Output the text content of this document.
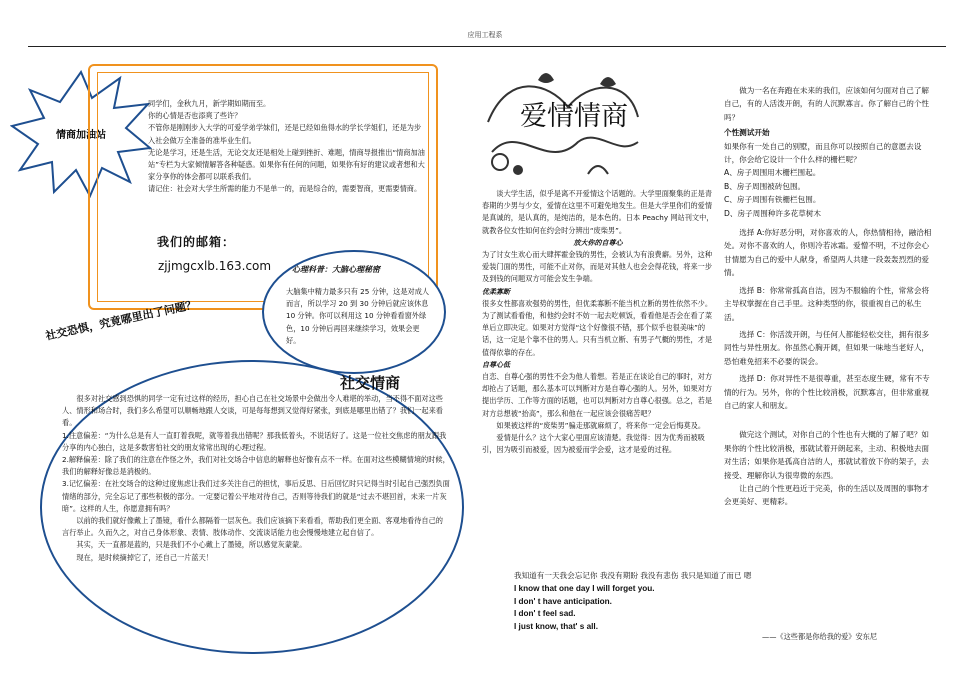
应用工程系
情商加油站

同学们，金秋九月，新学期如期而至。

你的心情是否也添爽了些许？

不管你是刚刚步入大学的可爱学弟学妹们，还是已经如鱼得水的学长学姐们，还是为步入社会做万全准备的准毕业生们。

无论是学习，还是生活，无论交友还是相处上碰到挫折、难题，情商导报推出“情商加油站”专栏为大家倾情解答各种疑惑。如果你有任何的问题，如果你有好的建议或者想和大家分享你的体会都可以联系我们。

请记住：社会对大学生所需的能力不是单一的，而是综合的，需要智商，更需要情商。

我们的邮箱：
zjjmgcxlb.163.com	心理科普：大脑心理秘密
大脑集中精力最多只有 25 分钟，这是对成人而言，所以学习 20 到 30 分钟后就应该休息 10 分钟。你可以利用这 10 分钟看看窗外绿色，10 分钟后再回来继续学习，效果会更好。
社交恐惧，究竟哪里出了问题？
社交情商

很多对社交感到恐惧的同学一定有过这样的经历，担心自己在社交场景中会做出令人难堪的举动，当不得不面对这些人、情形和场合时，我们多么希望可以顺畅地跟人交谈，可是每每想到又觉得好紧张，到底是哪里出错了？我们一起来看看。

1.注意偏差：“为什么总是有人一直盯着我呢，就等着我出错呢？那我低着头，不说话好了。这是一位社交焦虑的朋友跟我分享的内心独白，这是多数害怕社交的朋友常常出现的心理过程。

2.解释偏差：除了我们的注意在作怪之外，我们对社交场合中信息的解释也好像有点不一样。在面对这些模糊情境的时候，我们的解释好像总是消极的。

3.记忆偏差：在社交场合的这种过度焦虑让我们过多关注自己的担忧，事后反思、日后回忆时只记得当时引起自己强烈负面情绪的部分，完全忘记了那些积极的部分。一定要记着公平地对待自己，否则等待我们的就是“过去不堪回首，未来一片灰暗”。这样的人生，你愿意拥有吗？

以前的我们就好像戴上了墨镜，看什么都隔着一层灰色。我们应该摘下来看看，帮助我们更全面、客观地看待自己的言行举止。久而久之，对自己身体形象、表情、肢体动作、交流谈话能力也会慢慢地建立起自信了。

其实，天一直都是蓝的，只是我们不小心戴上了墨镜，所以感觉灰蒙蒙。

现在，是时候摘掉它了，还自己一片蓝天！

爱情情商

谈大学生活，似乎是离不开爱情这个话题的。大学里面聚集的正是青春期的少男与少女，爱情在这里不可避免地发生。但是大学里你们的爱情是真诚的，是认真的，是纯洁的，是本色的。日本 Peachy 网站刊文中，就教各位女性如何在约会时分辨出“废柴男”。

放大你的自尊心

为了讨女生欢心而大肆挥霍金钱的男性，会被认为有浪费癖。另外，这种爱装门面的男性，可能不止对你，而是对其他人也会会得花钱，将来一步及到钱的问题双方可能会发生争端。

优柔寡断

很多女性都喜欢强势的男性，但优柔寡断不能当机立断的男性依然不少。为了测试看看他，和他约会时不妨一起去吃顿饭，看看他是否会在看了菜单后立即决定。如果对方觉得“这个好像很不错，那个似乎也很美味”的话，这一定是个靠不住的男人。只有当机立断、有男子气概的男性，才是值得依靠的存在。

自尊心低

自恋、自尊心强的男性不会为他人着想。若是正在谈论自己的事时，对方却抢占了话题，那么基本可以判断对方是自尊心强的人。另外，如果对方提出学历、工作等方面的话题，也可以判断对方自尊心很强。总之，若是对方总想被“抬高”，那么和他在一起应该会很痛苦吧？

如果被这样的“废柴男”骗走那就麻烦了，将来你一定会后悔莫及。

爱情是什么？这个大家心里面应该清楚。我觉得：因为优秀而被吸引，因为吸引而被爱，因为被爱而学会爱，这才是爱的过程。

我知道有一天我会忘记你 我没有期盼 我没有悲伤 我只是知道了而已 嗯

I know that one day I will forget you.

I don' t have anticipation.

I don' t feel sad.

I just know, that' s all.

做为一名在奔跑在未来的我们，应该如何匀面对自己了解自己，有的人活泼开朗，有的人沉默寡言。你了解自己的个性吗？

个性测试开始

如果你有一处自己的别墅，而且你可以按照自己的意愿去设计，你会给它设计一个什么样的栅栏呢？

A、房子周围用木栅栏围起。

B、房子周围被砖包围。

C、房子周围有铁栅栏包围。

D、房子周围种许多花草树木

选择 A:你好恶分明，对你喜欢的人，你热情相待，融洽相处。对你不喜欢的人，你则冷若冰霜。爱憎不明，不过你会心甘情愿为自己的爱中人献身，希望两人共建一段轰轰烈烈的爱情。

选择 B：你常常孤高自洁，因为不服输的个性，常常会将主导权掌握在自己手里。这种类型的你，很重视自己的私生活。

选择 C：你活泼开朗，与任何人都能轻松交往，拥有很多同性与异性朋友。你虽然心胸开阔，但如果一味地当老好人，恐怕难免招来不必要的误会。

选择 D：你对异性不是很尊重，甚至态度生硬，常有不专情的行为。另外，你的个性比较消极，沉默寡言，但非常重视自己的家人和朋友。

做完这个测试，对你自己的个性也有大概的了解了吧？如果你的个性比较消极，那就试着开朗起来，主动、积极地去面对生活；如果你是孤高自洁的人，那就试着放下你的架子，去接受、理解你认为很卑微的东西。

让自己的个性更趋近于完美，你的生活以及周围的事物才会更美好、更精彩。

——《这些都是你给我的爱》安东尼
